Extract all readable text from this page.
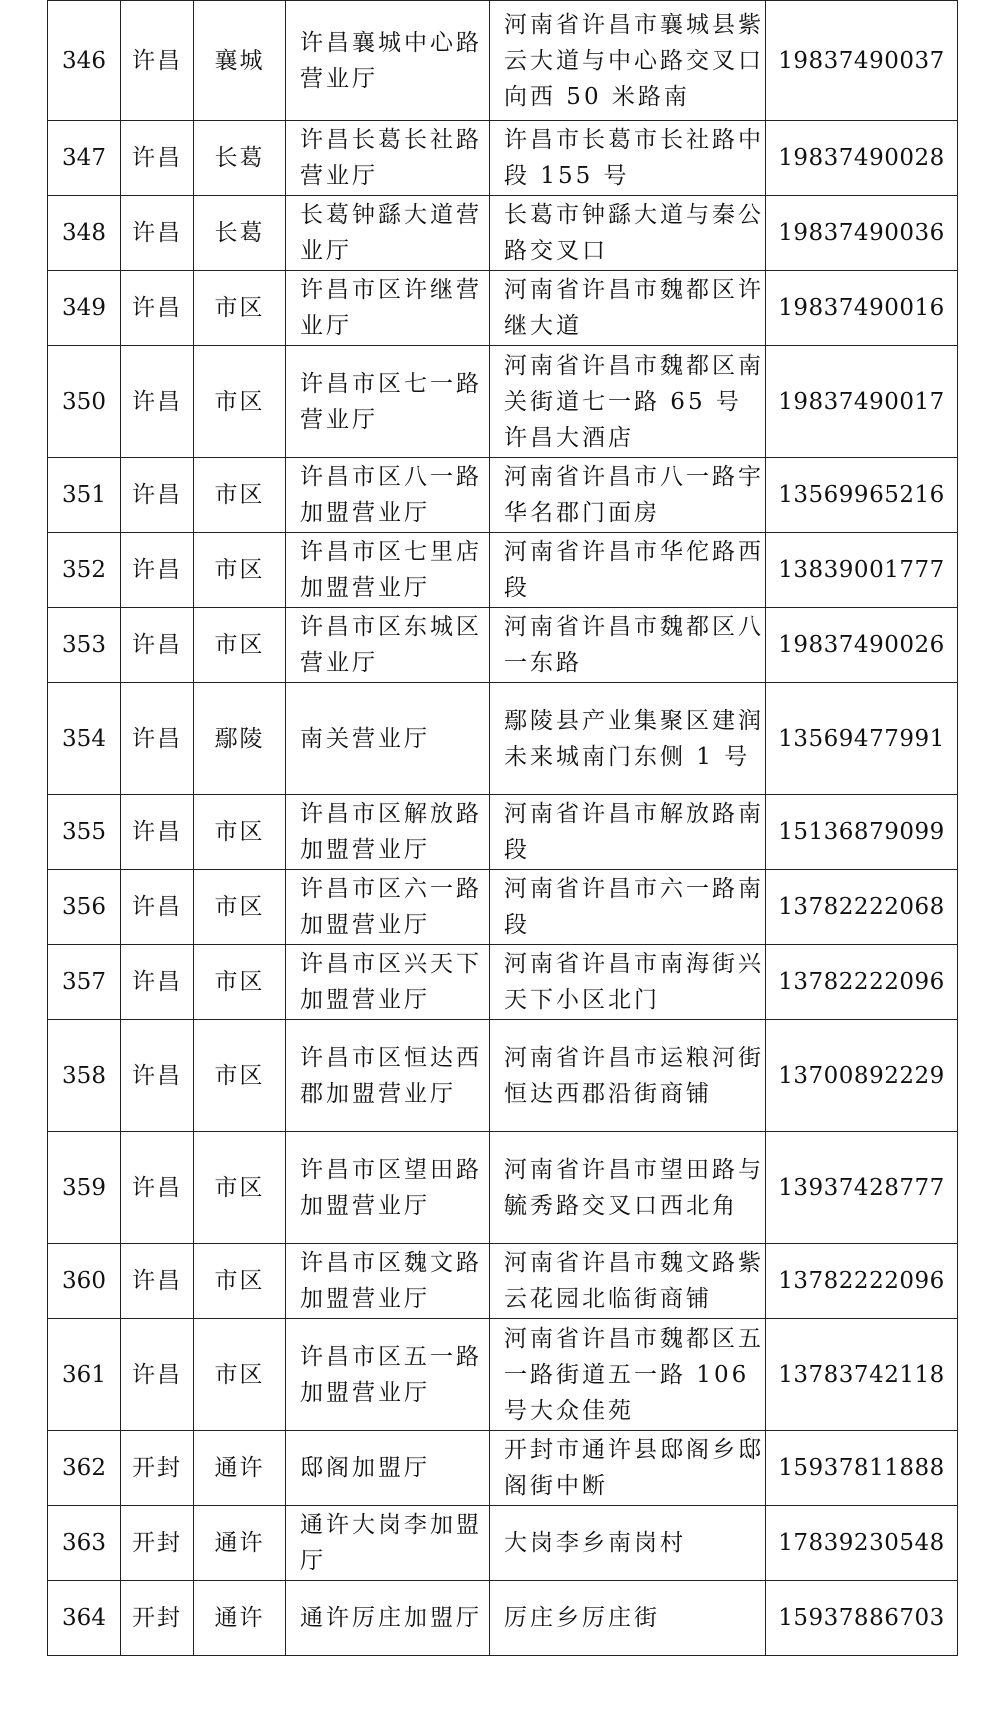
346	许昌	襄城	许昌襄城中心路营业厅	河南省许昌市襄城县紫云大道与中心路交叉口向西 50 米路南	19837490037
347	许昌	长葛	许昌长葛长社路营业厅	许昌市长葛市长社路中段 155 号	19837490028
348	许昌	长葛	长葛钟繇大道营业厅	长葛市钟繇大道与秦公路交叉口	19837490036
349	许昌	市区	许昌市区许继营业厅	河南省许昌市魏都区许继大道	19837490016
350	许昌	市区	许昌市区七一路营业厅	河南省许昌市魏都区南关街道七一路 65 号许昌大酒店	19837490017
351	许昌	市区	许昌市区八一路加盟营业厅	河南省许昌市八一路宇华名郡门面房	13569965216
352	许昌	市区	许昌市区七里店加盟营业厅	河南省许昌市华佗路西段	13839001777
353	许昌	市区	许昌市区东城区营业厅	河南省许昌市魏都区八一东路	19837490026
354	许昌	鄢陵	南关营业厅	鄢陵县产业集聚区建润未来城南门东侧 1 号	13569477991
355	许昌	市区	许昌市区解放路加盟营业厅	河南省许昌市解放路南段	15136879099
356	许昌	市区	许昌市区六一路加盟营业厅	河南省许昌市六一路南段	13782222068
357	许昌	市区	许昌市区兴天下加盟营业厅	河南省许昌市南海街兴天下小区北门	13782222096
358	许昌	市区	许昌市区恒达西郡加盟营业厅	河南省许昌市运粮河街恒达西郡沿街商铺	13700892229
359	许昌	市区	许昌市区望田路加盟营业厅	河南省许昌市望田路与毓秀路交叉口西北角	13937428777
360	许昌	市区	许昌市区魏文路加盟营业厅	河南省许昌市魏文路紫云花园北临街商铺	13782222096
361	许昌	市区	许昌市区五一路加盟营业厅	河南省许昌市魏都区五一路街道五一路 106 号大众佳苑	13783742118
362	开封	通许	邸阁加盟厅	开封市通许县邸阁乡邸阁街中断	15937811888
363	开封	通许	通许大岗李加盟厅	大岗李乡南岗村	17839230548
364	开封	通许	通许厉庄加盟厅	厉庄乡厉庄街	15937886703
